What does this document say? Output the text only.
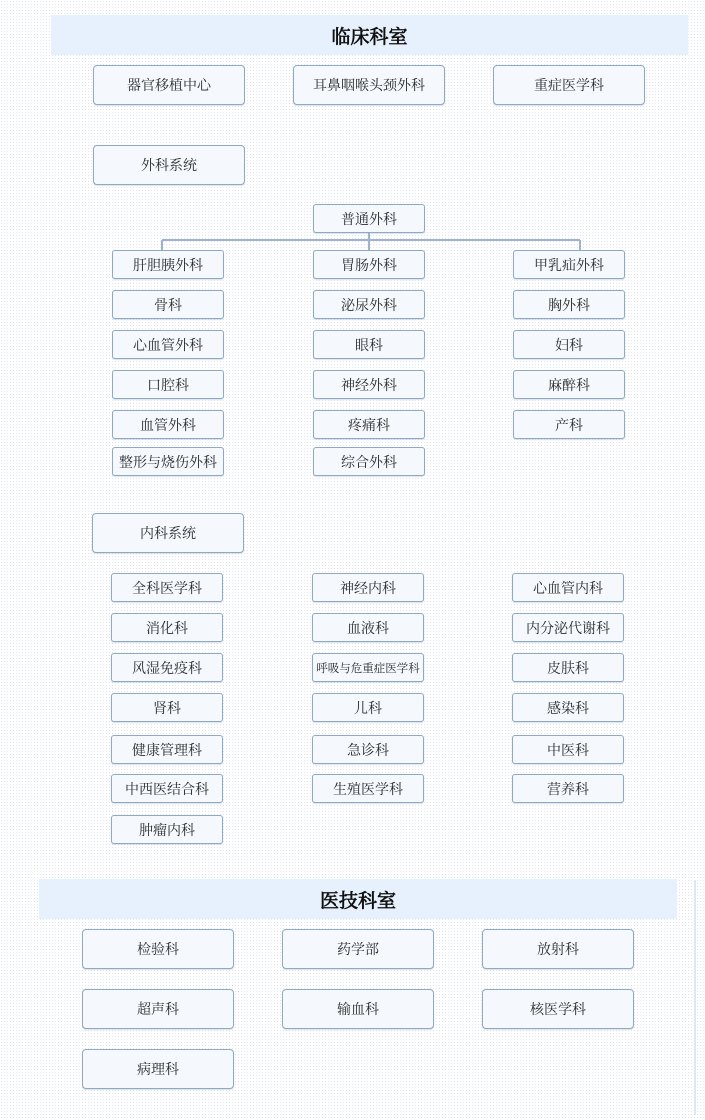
临床科室
器官移植中心	耳鼻咽喉头颈外科	重症医学科
外科系统
普通外科
肝胆胰外科
骨科
心血管外科
口腔科
血管外科
整形与烧伤外科
胃肠外科
泌尿外科
眼科
神经外科
疼痛科
综合外科
甲乳疝外科
胸外科
妇科
麻醉科
产科
内科系统
全科医学科
消化科
风湿免疫科
肾科
健康管理科
中西医结合科
肿瘤内科
神经内科
血液科
呼吸与危重症医学科
儿科
急诊科
生殖医学科
心血管内科
内分泌代谢科
皮肤科
感染科
中医科
营养科
医技科室
检验科	药学部	放射科
超声科	输血科	核医学科
病理科
